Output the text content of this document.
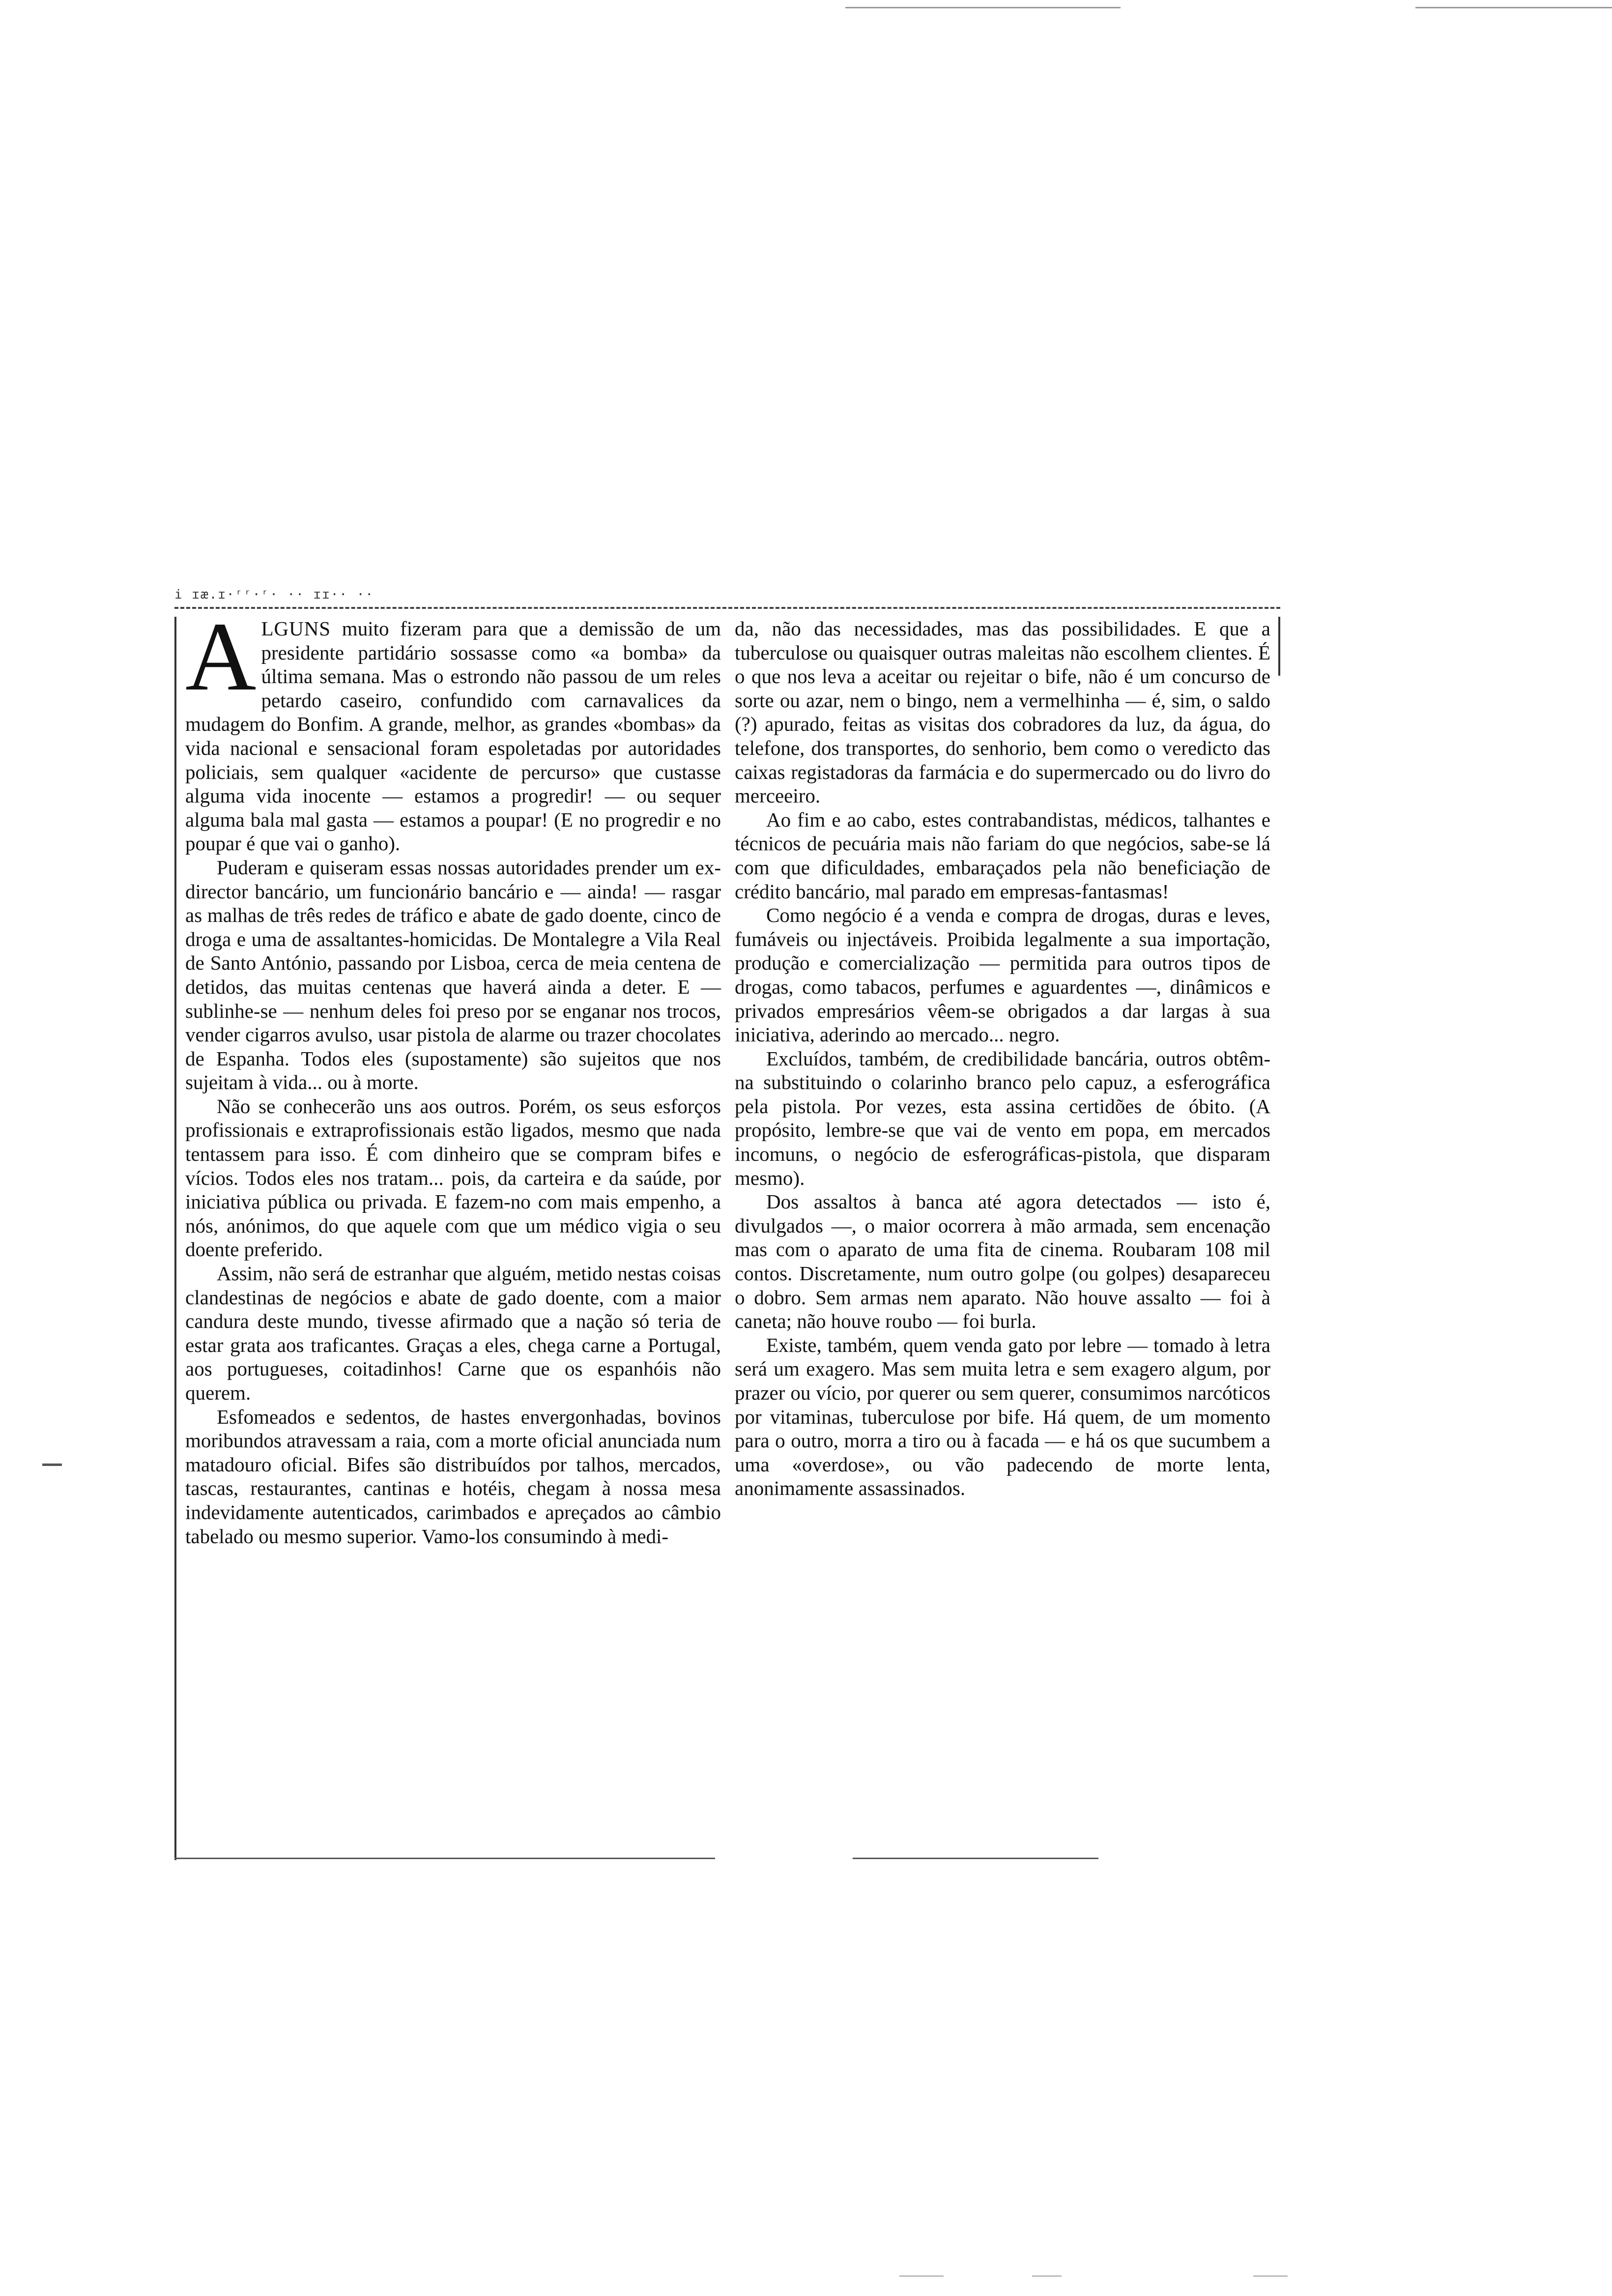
i ɪæ.ɪ·ʳʳ·ʳ· ·· ɪɪ·· ··

ALGUNS muito fizeram para que a demissão de um presidente partidário sossasse como «a bomba» da última semana. Mas o estrondo não passou de um reles petardo caseiro, confundido com carnavalices da mudagem do Bonfim. A grande, melhor, as grandes «bombas» da vida nacional e sensacional foram espoletadas por autoridades policiais, sem qualquer «acidente de percurso» que custasse alguma vida inocente — estamos a progredir! — ou sequer alguma bala mal gasta — estamos a poupar! (E no progredir e no poupar é que vai o ganho).

Puderam e quiseram essas nossas autoridades prender um ex-director bancário, um funcionário bancário e — ainda! — rasgar as malhas de três redes de tráfico e abate de gado doente, cinco de droga e uma de assaltantes-homicidas. De Montalegre a Vila Real de Santo António, passando por Lisboa, cerca de meia centena de detidos, das muitas centenas que haverá ainda a deter. E — sublinhe-se — nenhum deles foi preso por se enganar nos trocos, vender cigarros avulso, usar pistola de alarme ou trazer chocolates de Espanha. Todos eles (supostamente) são sujeitos que nos sujeitam à vida... ou à morte.

Não se conhecerão uns aos outros. Porém, os seus esforços profissionais e extraprofissionais estão ligados, mesmo que nada tentassem para isso. É com dinheiro que se compram bifes e vícios. Todos eles nos tratam... pois, da carteira e da saúde, por iniciativa pública ou privada. E fazem-no com mais empenho, a nós, anónimos, do que aquele com que um médico vigia o seu doente preferido.

Assim, não será de estranhar que alguém, metido nestas coisas clandestinas de negócios e abate de gado doente, com a maior candura deste mundo, tivesse afirmado que a nação só teria de estar grata aos traficantes. Graças a eles, chega carne a Portugal, aos portugueses, coitadinhos! Carne que os espanhóis não querem.

Esfomeados e sedentos, de hastes envergonhadas, bovinos moribundos atravessam a raia, com a morte oficial anunciada num matadouro oficial. Bifes são distribuídos por talhos, mercados, tascas, restaurantes, cantinas e hotéis, chegam à nossa mesa indevidamente autenticados, carimbados e apreçados ao câmbio tabelado ou mesmo superior. Vamo-los consumindo à medi-

da, não das necessidades, mas das possibilidades. E que a tuberculose ou quaisquer outras maleitas não escolhem clientes. É o que nos leva a aceitar ou rejeitar o bife, não é um concurso de sorte ou azar, nem o bingo, nem a vermelhinha — é, sim, o saldo (?) apurado, feitas as visitas dos cobradores da luz, da água, do telefone, dos transportes, do senhorio, bem como o veredicto das caixas registadoras da farmácia e do supermercado ou do livro do merceeiro.

Ao fim e ao cabo, estes contrabandistas, médicos, talhantes e técnicos de pecuária mais não fariam do que negócios, sabe-se lá com que dificuldades, embaraçados pela não beneficiação de crédito bancário, mal parado em empresas-fantasmas!

Como negócio é a venda e compra de drogas, duras e leves, fumáveis ou injectáveis. Proibida legalmente a sua importação, produção e comercialização — permitida para outros tipos de drogas, como tabacos, perfumes e aguardentes —, dinâmicos e privados empresários vêem-se obrigados a dar largas à sua iniciativa, aderindo ao mercado... negro.

Excluídos, também, de credibilidade bancária, outros obtêm-na substituindo o colarinho branco pelo capuz, a esferográfica pela pistola. Por vezes, esta assina certidões de óbito. (A propósito, lembre-se que vai de vento em popa, em mercados incomuns, o negócio de esferográficas-pistola, que disparam mesmo).

Dos assaltos à banca até agora detectados — isto é, divulgados —, o maior ocorrera à mão armada, sem encenação mas com o aparato de uma fita de cinema. Roubaram 108 mil contos. Discretamente, num outro golpe (ou golpes) desapareceu o dobro. Sem armas nem aparato. Não houve assalto — foi à caneta; não houve roubo — foi burla.

Existe, também, quem venda gato por lebre — tomado à letra será um exagero. Mas sem muita letra e sem exagero algum, por prazer ou vício, por querer ou sem querer, consumimos narcóticos por vitaminas, tuberculose por bife. Há quem, de um momento para o outro, morra a tiro ou à facada — e há os que sucumbem a uma «overdose», ou vão padecendo de morte lenta, anonimamente assassinados.
